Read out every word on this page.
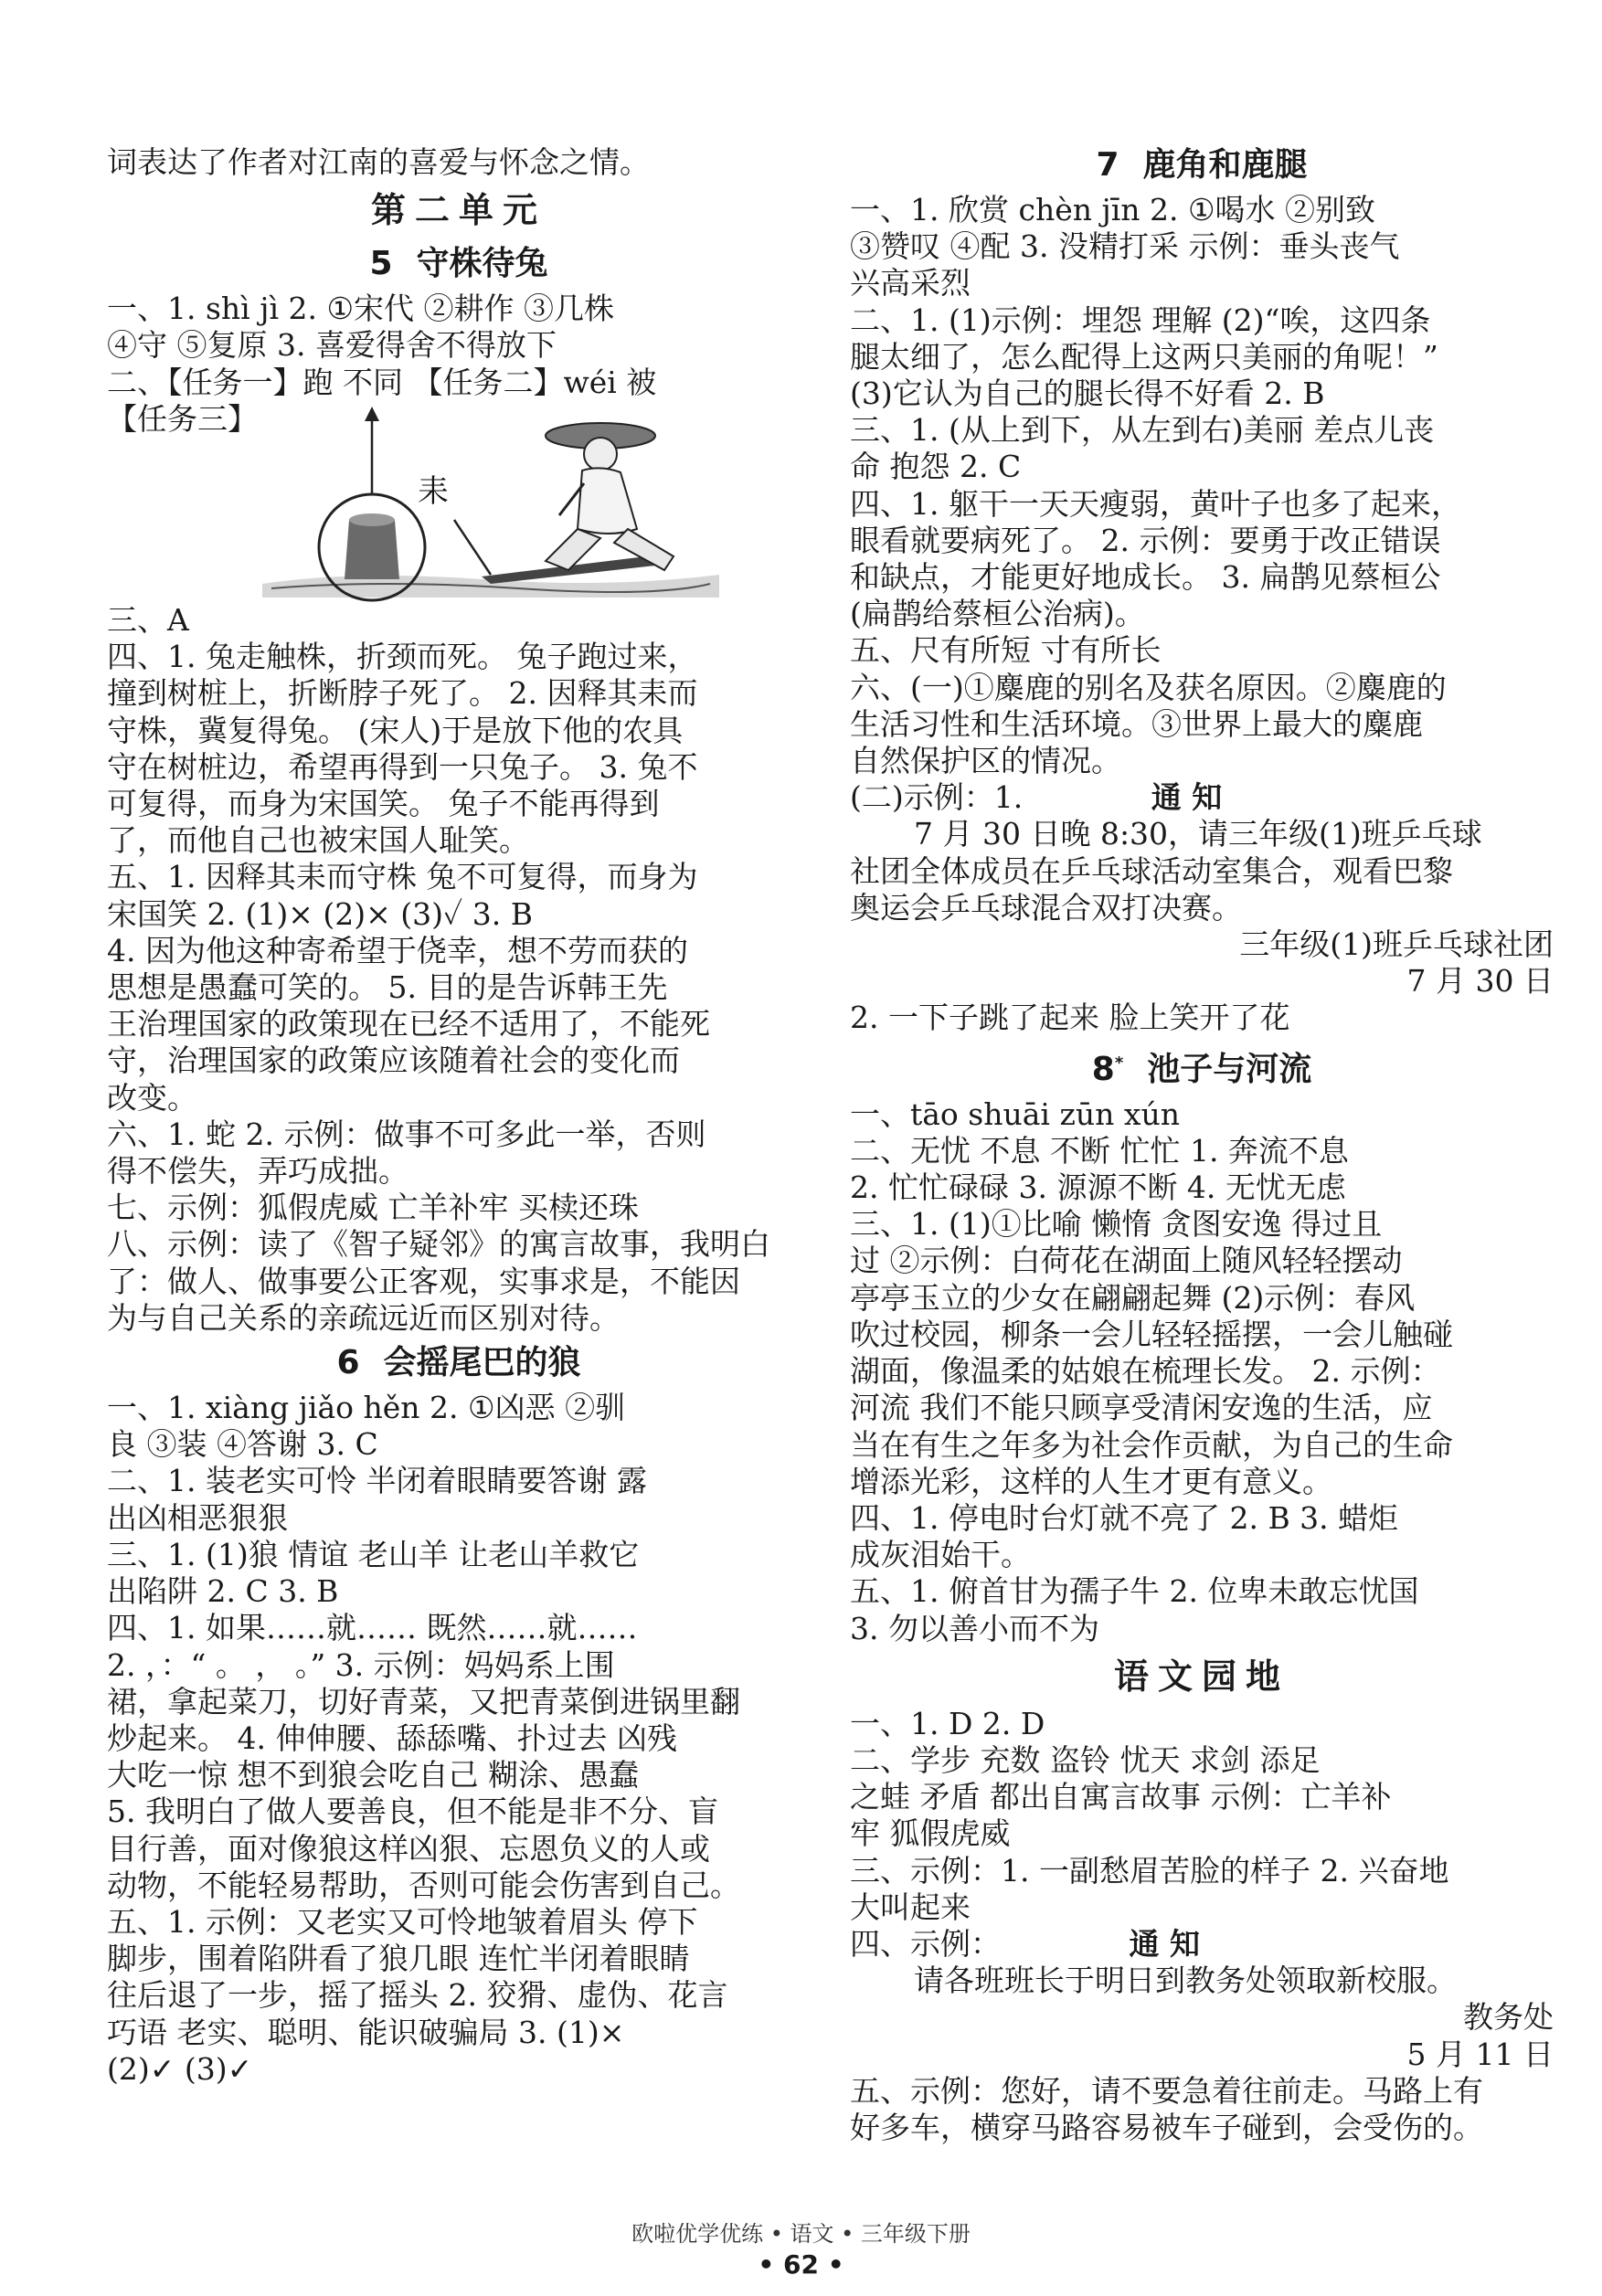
词表达了作者对江南的喜爱与怀念之情。

第二单元
5 守株待兔

一、1. shì jì 2. ①宋代 ②耕作 ③几株

④守 ⑤复原 3. 喜爱得舍不得放下

二、【任务一】跑 不同 【任务二】wéi 被

【任务三】

耒

三、A

四、1. 兔走触株，折颈而死。 兔子跑过来，

撞到树桩上，折断脖子死了。 2. 因释其耒而

守株，冀复得兔。 (宋人)于是放下他的农具

守在树桩边，希望再得到一只兔子。 3. 兔不

可复得，而身为宋国笑。 兔子不能再得到

了，而他自己也被宋国人耻笑。

五、1. 因释其耒而守株 兔不可复得，而身为

宋国笑 2. (1)× (2)× (3)✓ 3. B

4. 因为他这种寄希望于侥幸，想不劳而获的

思想是愚蠢可笑的。 5. 目的是告诉韩王先

王治理国家的政策现在已经不适用了，不能死

守，治理国家的政策应该随着社会的变化而

改变。

六、1. 蛇 2. 示例：做事不可多此一举，否则

得不偿失，弄巧成拙。

七、示例：狐假虎威 亡羊补牢 买椟还珠

八、示例：读了《智子疑邻》的寓言故事，我明白

了：做人、做事要公正客观，实事求是，不能因

为与自己关系的亲疏远近而区别对待。

6 会摇尾巴的狼

一、1. xiàng jiǎo hěn 2. ①凶恶 ②驯

良 ③装 ④答谢 3. C

二、1. 装老实可怜 半闭着眼睛要答谢 露

出凶相恶狠狠

三、1. (1)狼 情谊 老山羊 让老山羊救它

出陷阱 2. C 3. B

四、1. 如果……就…… 既然……就……

2. ，：“ 。 ， 。” 3. 示例：妈妈系上围

裙，拿起菜刀，切好青菜，又把青菜倒进锅里翻

炒起来。 4. 伸伸腰、舔舔嘴、扑过去 凶残

大吃一惊 想不到狼会吃自己 糊涂、愚蠢

5. 我明白了做人要善良，但不能是非不分、盲

目行善，面对像狼这样凶狠、忘恩负义的人或

动物，不能轻易帮助，否则可能会伤害到自己。

五、1. 示例：又老实又可怜地皱着眉头 停下

脚步，围着陷阱看了狼几眼 连忙半闭着眼睛

往后退了一步，摇了摇头 2. 狡猾、虚伪、花言

巧语 老实、聪明、能识破骗局 3. (1)×

(2)✓ (3)✓

7 鹿角和鹿腿

一、1. 欣赏 chèn jīn 2. ①喝水 ②别致

③赞叹 ④配 3. 没精打采 示例：垂头丧气

兴高采烈

二、1. (1)示例：埋怨 理解 (2)“唉，这四条

腿太细了，怎么配得上这两只美丽的角呢！”

(3)它认为自己的腿长得不好看 2. B

三、1. (从上到下，从左到右)美丽 差点儿丧

命 抱怨 2. C

四、1. 躯干一天天瘦弱，黄叶子也多了起来，

眼看就要病死了。 2. 示例：要勇于改正错误

和缺点，才能更好地成长。 3. 扁鹊见蔡桓公

(扁鹊给蔡桓公治病)。

五、尺有所短 寸有所长

六、(一)①麋鹿的别名及获名原因。②麋鹿的

生活习性和生活环境。③世界上最大的麋鹿

自然保护区的情况。

(二)示例：1.	通 知

7 月 30 日晚 8:30，请三年级(1)班乒乓球

社团全体成员在乒乓球活动室集合，观看巴黎

奥运会乒乓球混合双打决赛。

三年级(1)班乒乓球社团

7 月 30 日

2. 一下子跳了起来 脸上笑开了花

8* 池子与河流

一、tāo shuāi zūn xún

二、无忧 不息 不断 忙忙 1. 奔流不息

2. 忙忙碌碌 3. 源源不断 4. 无忧无虑

三、1. (1)①比喻 懒惰 贪图安逸 得过且

过 ②示例：白荷花在湖面上随风轻轻摆动

亭亭玉立的少女在翩翩起舞 (2)示例：春风

吹过校园，柳条一会儿轻轻摇摆，一会儿触碰

湖面，像温柔的姑娘在梳理长发。 2. 示例：

河流 我们不能只顾享受清闲安逸的生活，应

当在有生之年多为社会作贡献，为自己的生命

增添光彩，这样的人生才更有意义。

四、1. 停电时台灯就不亮了 2. B 3. 蜡炬

成灰泪始干。

五、1. 俯首甘为孺子牛 2. 位卑未敢忘忧国

3. 勿以善小而不为

语文园地

一、1. D 2. D

二、学步 充数 盗铃 忧天 求剑 添足

之蛙 矛盾 都出自寓言故事 示例：亡羊补

牢 狐假虎威

三、示例：1. 一副愁眉苦脸的样子 2. 兴奋地

大叫起来

四、示例：	通 知

请各班班长于明日到教务处领取新校服。

教务处

5 月 11 日

五、示例：您好，请不要急着往前走。马路上有

好多车，横穿马路容易被车子碰到，会受伤的。

欧啦优学优练 • 语文 • 三年级下册
• 62 •
